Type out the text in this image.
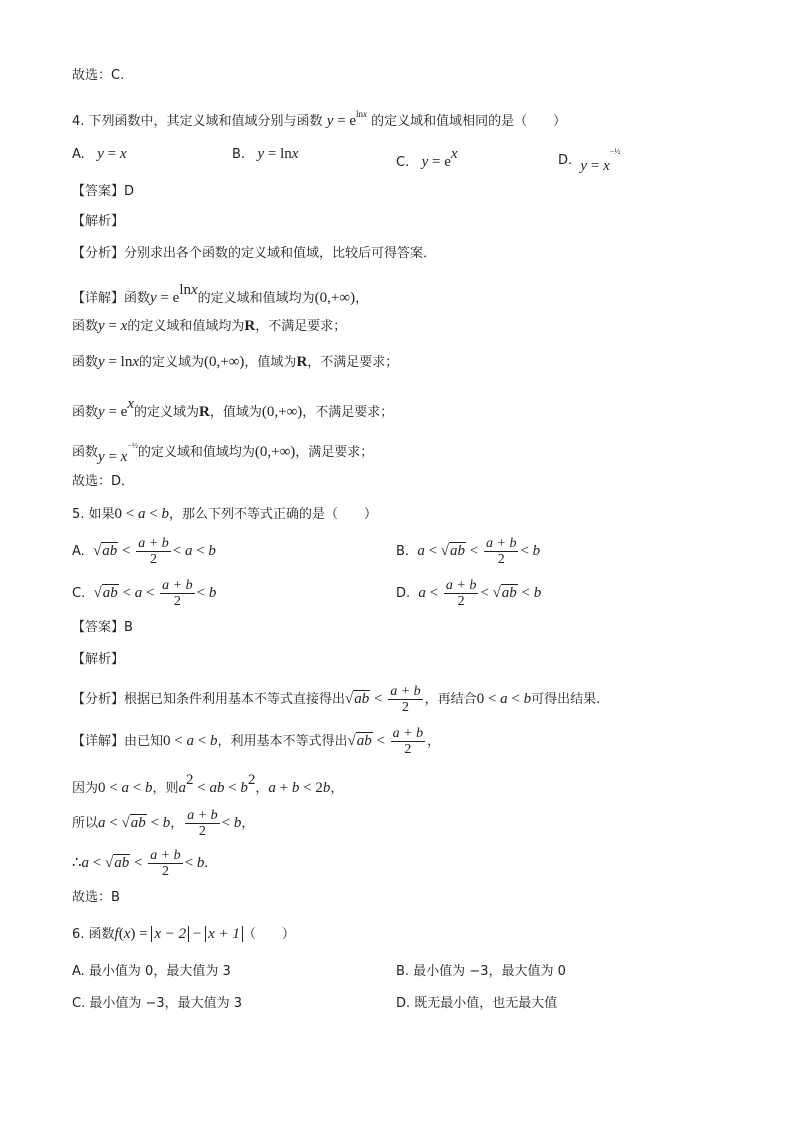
故选：C.
4. 下列函数中，其定义域和值域分别与函数 $y = e^{lnx}$ 的定义域和值域相同的是（　　）
A. y = x	B. y = lnx
C. $y = e^x$	D. $y = x^{-\frac{1}{2}}$
【答案】D
【解析】
【分析】分别求出各个函数的定义域和值域，比较后可得答案．
【详解】函数$y = e^{lnx}$的定义域和值域均为(0,+∞)，
函数y = x的定义域和值域均为R，不满足要求；
函数y = lnx的定义域为(0,+∞)，值域为R，不满足要求；
函数$y = e^x$的定义域为R，值域为(0,+∞)，不满足要求；
函数$y = x^{-\frac{1}{2}}$的定义域和值域均为(0,+∞)，满足要求；
故选：D．
5. 如果0 < a < b，那么下列不等式正确的是（　　）
A.  $√ab < \frac{a + b}{2} < a < b$	B.  $a < √ab < \frac{a + b}{2} < b$
C.  $√ab < a < \frac{a + b}{2} < b$	D.  $a < \frac{a + b}{2} < √ab < b$
【答案】B
【解析】
【分析】根据已知条件利用基本不等式直接得出$√ab < \frac{a + b}{2}$ ，再结合0 < a < b可得出结果.
【详解】由已知0 < a < b，利用基本不等式得出$√ab < \frac{a + b}{2}$ ，
因为0 < a < b，则$a^2$ < ab < $b^2$，a + b < 2b，
所以a < √ab < b， $\frac{a + b}{2} < b$，
∴a < $√ab < \frac{a + b}{2} < b$.
故选：B
6. 函数f(x) = x − 2 − x + 1 （　　）
A. 最小值为 0，最大值为 3	B. 最小值为 −3，最大值为 0
C. 最小值为 −3，最大值为 3	D. 既无最小值，也无最大值
